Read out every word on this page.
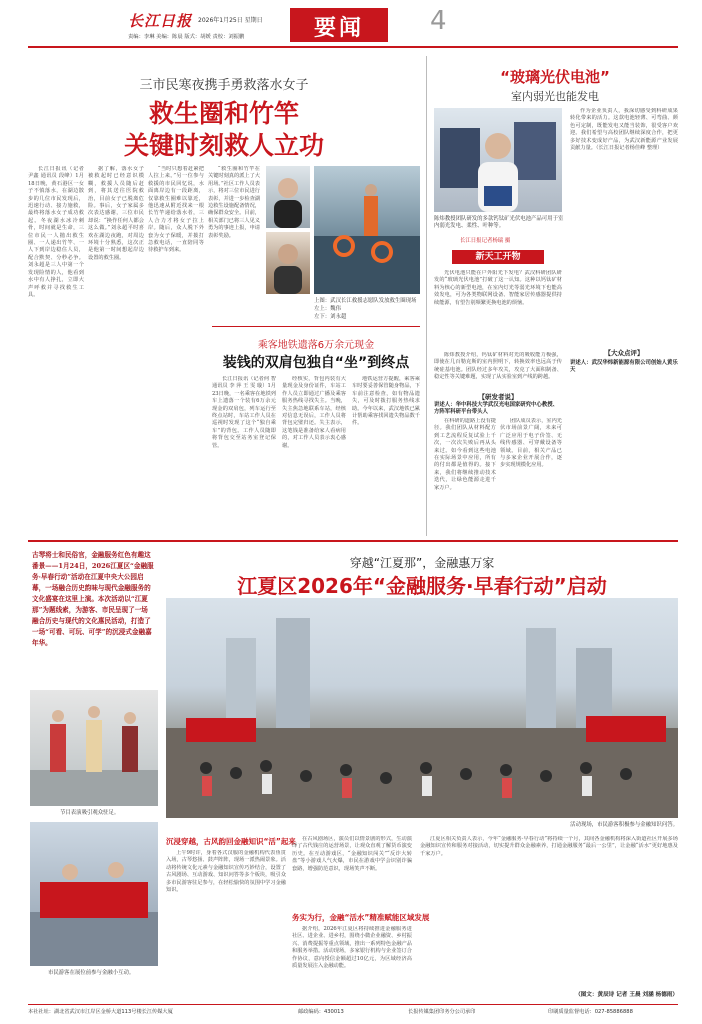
长江日报 2026年1月25日 星期日
责编：李琳 美编：陈晨 版式：胡媛 责校：刘振鹏	要闻	4
三市民寒夜携手勇救落水女子
救生圈和竹竿
关键时刻救人立功

长江日报讯（记者尹鑫 通讯员 段峰）1月18日晚，黄石港区一女子不慎落水，在湖边散步的几位市民发现后，迅速行动、接力施救，最终将落水女子成功救起。冬夜湖水冰冷刺骨，时间就是生命，三位市民一人抛出救生圈、一人递出竹竿、一人下到岸边稳住人员，配合默契、分秒必争。刘永超是三人中第一个发现险情的人，他看到水中有人挣扎，立即大声呼救并寻找救生工具。

据了解，落水女子被救起时已经意识模糊，救援人员随后赶到，将其送往医院救治，目前女子已脱离危险。事后，女子家属多次表达感谢，三位市民却说：“换作任何人都会这么做。”刘永超平时喜欢在湖边夜跑，对周边环境十分熟悉，这次正是他第一时间想起岸边设置的救生圈。

“当时只想着赶紧把人拉上来。”另一位参与救援的市民回忆说，水面离岸边有一段距离，仅靠救生圈难以靠近，他迅速从附近找来一根长竹竿递给落水者，三人合力才将女子拉上岸。随后，众人脱下外套为女子保暖，并拨打急救电话，一直陪同等待救护车到来。

“救生圈和竹竿在关键时刻真的派上了大用场。”社区工作人员表示，将对三位市民进行表彰，并进一步检查湖边救生设施配备情况，确保群众安全。目前，相关部门已将三人见义勇为的事迹上报，申请表彰奖励。

上图：武汉长江救援志愿队发放救生圈现场
左上：魏伟
左下：刘永超
乘客地铁遗落6万余元现金
装钱的双肩包独自“坐”到终点

长江日报讯（记者何 智 通讯员 李 萍 王 雯 璇）1月23日晚，一名乘客在地铁列车上遗落一个装有6万余元现金的双肩包，列车运行至终点站时，车站工作人员在巡视时发现了这个“独自乘车”的背包。工作人员随即将背包交至站务室登记保管。

经核实，背包内装有大量现金及身份证件，车站工作人员立即通过广播及乘客服务热线寻找失主。当晚，失主焦急地联系车站，经核对信息无误后，工作人员将背包完璧归还。失主表示，这笔钱是准备给家人看病用的，对工作人员表示衷心感谢。

地铁运营方提醒，乘客乘车时要妥善保管随身物品，下车前注意检查，如有物品遗失，可及时拨打服务热线求助。今年以来，武汉地铁已累计帮助乘客找回遗失物品数千件。

“玻璃光伏电池”
室内弱光也能发电
陈炜教授团队研发的多款钙钛矿光伏电池产品可用于室内弱光发电、柔性、叶种等。
长江日报记者杨瑞 摄
新天工开物

光伏电池只能在户外阳光下发电？武汉科研团队研发的“玻璃光伏电池”打破了这一认知。这种以钙钛矿材料为核心的新型电池，在室内灯光等弱光环境下也能高效发电，可为各类物联网设备、智能家居传感器提供持续能源，有望告别频繁更换电池的烦恼。

陈炜教授介绍，钙钛矿材料对光的吸收能力极强，即使在几百勒克斯的室内照明下，转换效率也远高于传统硅基电池。团队经过多年攻关，攻克了大面积制备、稳定性等关键难题，实现了从实验室到产线的跨越。

【研发者说】
讲述人：华中科技大学武汉光电国家研究中心教授、方阵军科研平台带头人

在科研的道路上没有捷径。我们团队从材料配方到工艺流程反复试验上千次，一次次失败后再从头来过。如今看到这些电池在实际场景中应用，所有的付出都是值得的。接下来，我们将继续推动技术迭代，让绿色能源走进千家万户。

团队成员表示，室内光伏市场前景广阔，未来可广泛应用于电子价签、无线传感器、可穿戴设备等领域。目前，相关产品已与多家企业开展合作，逐步实现规模化应用。

作为企业负责人，我深切感受到科研成果转化带来的活力。这款电池轻薄、可弯曲、颜色可定制，既能发电又能当装饰，很受客户欢迎。我们希望与高校团队继续深度合作，把更多好技术变成好产品，为武汉新能源产业发展贡献力量。（长江日报记者杨佳峰 整理）

【大众点评】
讲述人：武汉华炜新能源有限公司创始人黄乐天
古琴将士和民俗官，金融服务红色有趣这番景——1月24日，2026江夏区“金融服务·早春行动”活动在江夏中央大公园启幕，一场融合历史韵味与现代金融服务的文化盛宴在这里上演。本次活动以“江夏那”为题线索，为游客、市民呈现了一场融合历史与现代的文化惠民活动，打造了一场“可看、可玩、可学”的沉浸式金融嘉年华。
节目表演吸引观众驻足。
市民游客在展位前参与金融小互动。
穿越“江夏那”，金融惠万家
江夏区2026年“金融服务·早春行动”启动
活动现场，市民游客积极参与金融知识问答。
沉浸穿越，古风韵回金融知识“活”起来

上午9时许，身着各式汉服的金融机构代表鱼贯入场，古琴悠扬、鼓声阵阵，现场一派热闹景象。活动将传统文化元素与金融知识宣传巧妙结合，设置了古风剧场、互动游戏、知识问答等多个板块，吸引众多市民游客驻足参与，在轻松愉快的氛围中学习金融知识。

在古风剧场区，演员们以情景剧的形式，生动演绎了古代钱庄的运营场景，让观众直观了解货币演变历史。在互动游戏区，“金融知识闯关”“反诈大转盘”等小游戏人气火爆，市民在游戏中学会识别诈骗套路，增强防范意识，现场笑声不断。

务实为行，金融“活水”精准赋能区域发展

据介绍，2026年江夏区将持续推进金融服务进社区、进企业、进乡村，围绕小微企业融资、乡村振兴、消费提振等重点领域，推出一系列特色金融产品和服务举措。活动现场，多家银行机构与企业签订合作协议，意向授信金额超过10亿元，为区域经济高质量发展注入金融动能。

江夏区相关负责人表示，今年“金融服务·早春行动”将持续一个月，其间各金融机构将深入街道社区开展多场金融知识宣传和服务对接活动，切实提升群众金融素养，打通金融服务“最后一公里”，让金融“活水”更好地惠及千家万户。

（图文：黄辰诗 记者 王晨 刘涵 杨德雨）
本社社址：湖北省武汉市江岸区金桥大道113号楼长江传媒大厦	邮政编码：430013	长报传媒集团印务分公司承印	印刷质量监督电话：027-85886888
